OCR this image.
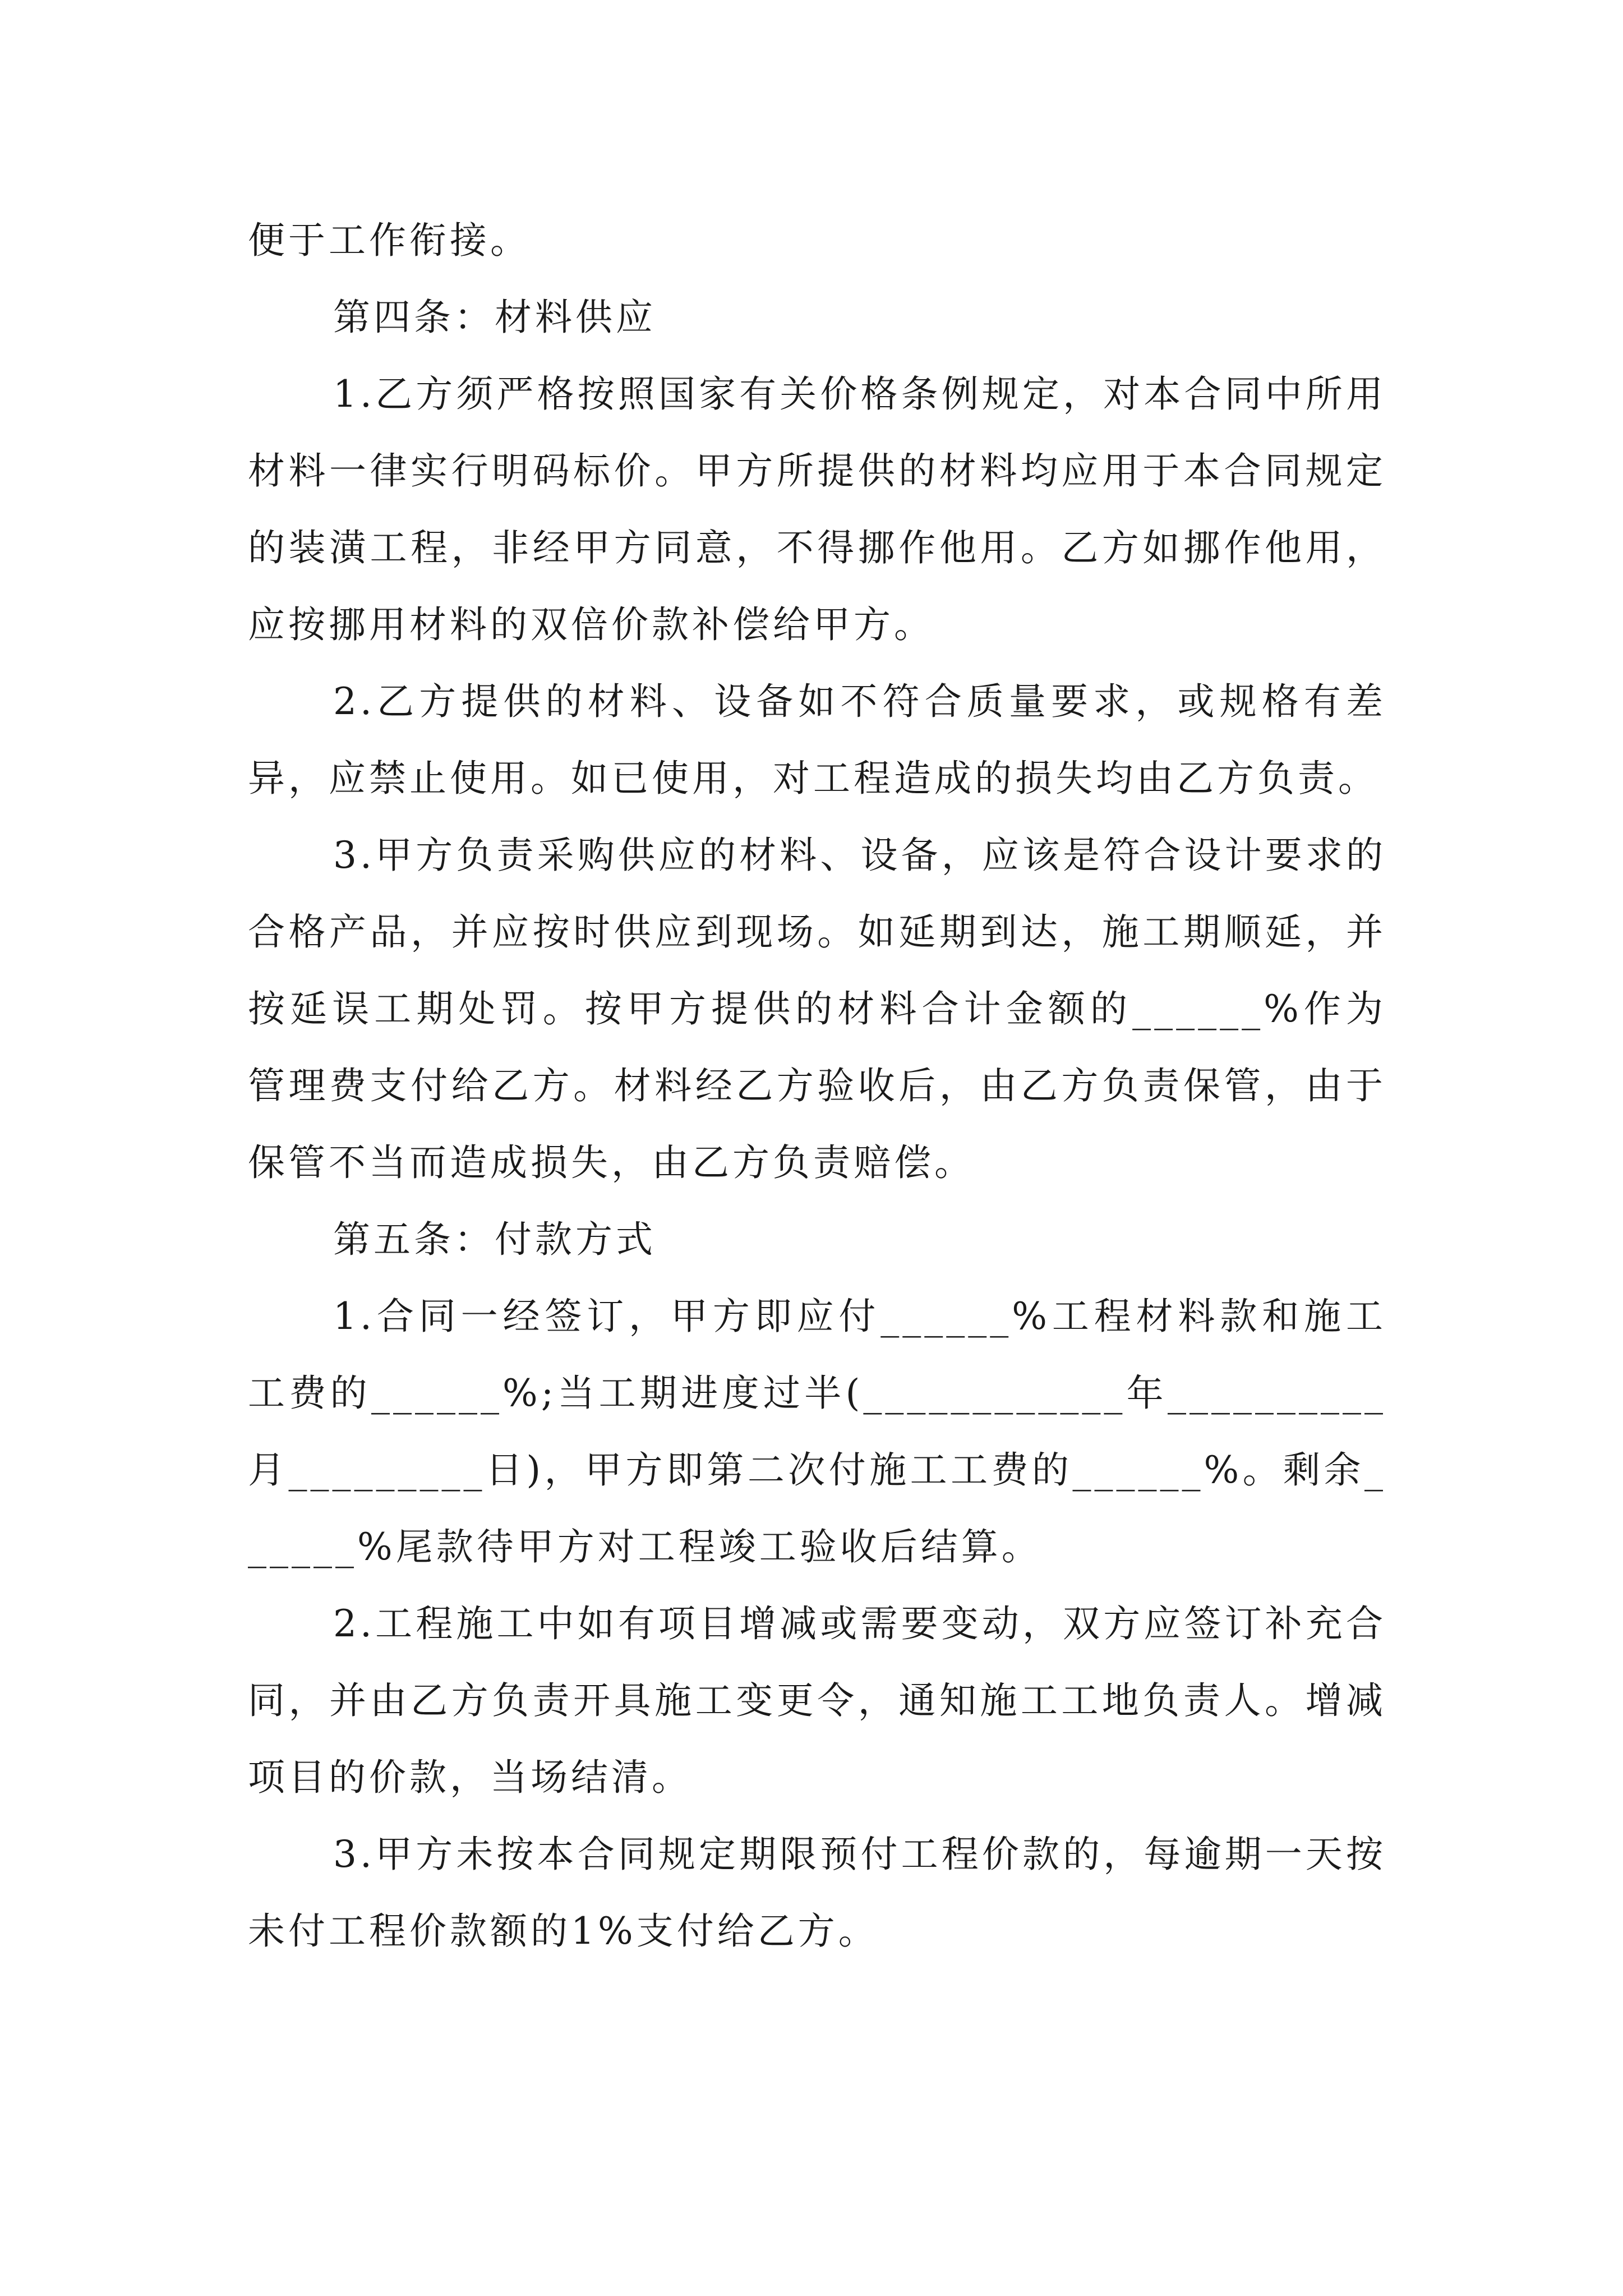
便于工作衔接。

第四条：材料供应

1.乙方须严格按照国家有关价格条例规定，对本合同中所用材料一律实行明码标价。甲方所提供的材料均应用于本合同规定的装潢工程，非经甲方同意，不得挪作他用。乙方如挪作他用，应按挪用材料的双倍价款补偿给甲方。

2.乙方提供的材料、设备如不符合质量要求，或规格有差异，应禁止使用。如已使用，对工程造成的损失均由乙方负责。

3.甲方负责采购供应的材料、设备，应该是符合设计要求的合格产品，并应按时供应到现场。如延期到达，施工期顺延，并按延误工期处罚。按甲方提供的材料合计金额的______%作为管理费支付给乙方。材料经乙方验收后，由乙方负责保管，由于保管不当而造成损失，由乙方负责赔偿。

第五条：付款方式

1.合同一经签订，甲方即应付______%工程材料款和施工工费的______%;当工期进度过半(____________年__________月_________日)，甲方即第二次付施工工费的______%。剩余______%尾款待甲方对工程竣工验收后结算。

2.工程施工中如有项目增减或需要变动，双方应签订补充合同，并由乙方负责开具施工变更令，通知施工工地负责人。增减项目的价款，当场结清。

3.甲方未按本合同规定期限预付工程价款的，每逾期一天按未付工程价款额的1%支付给乙方。
